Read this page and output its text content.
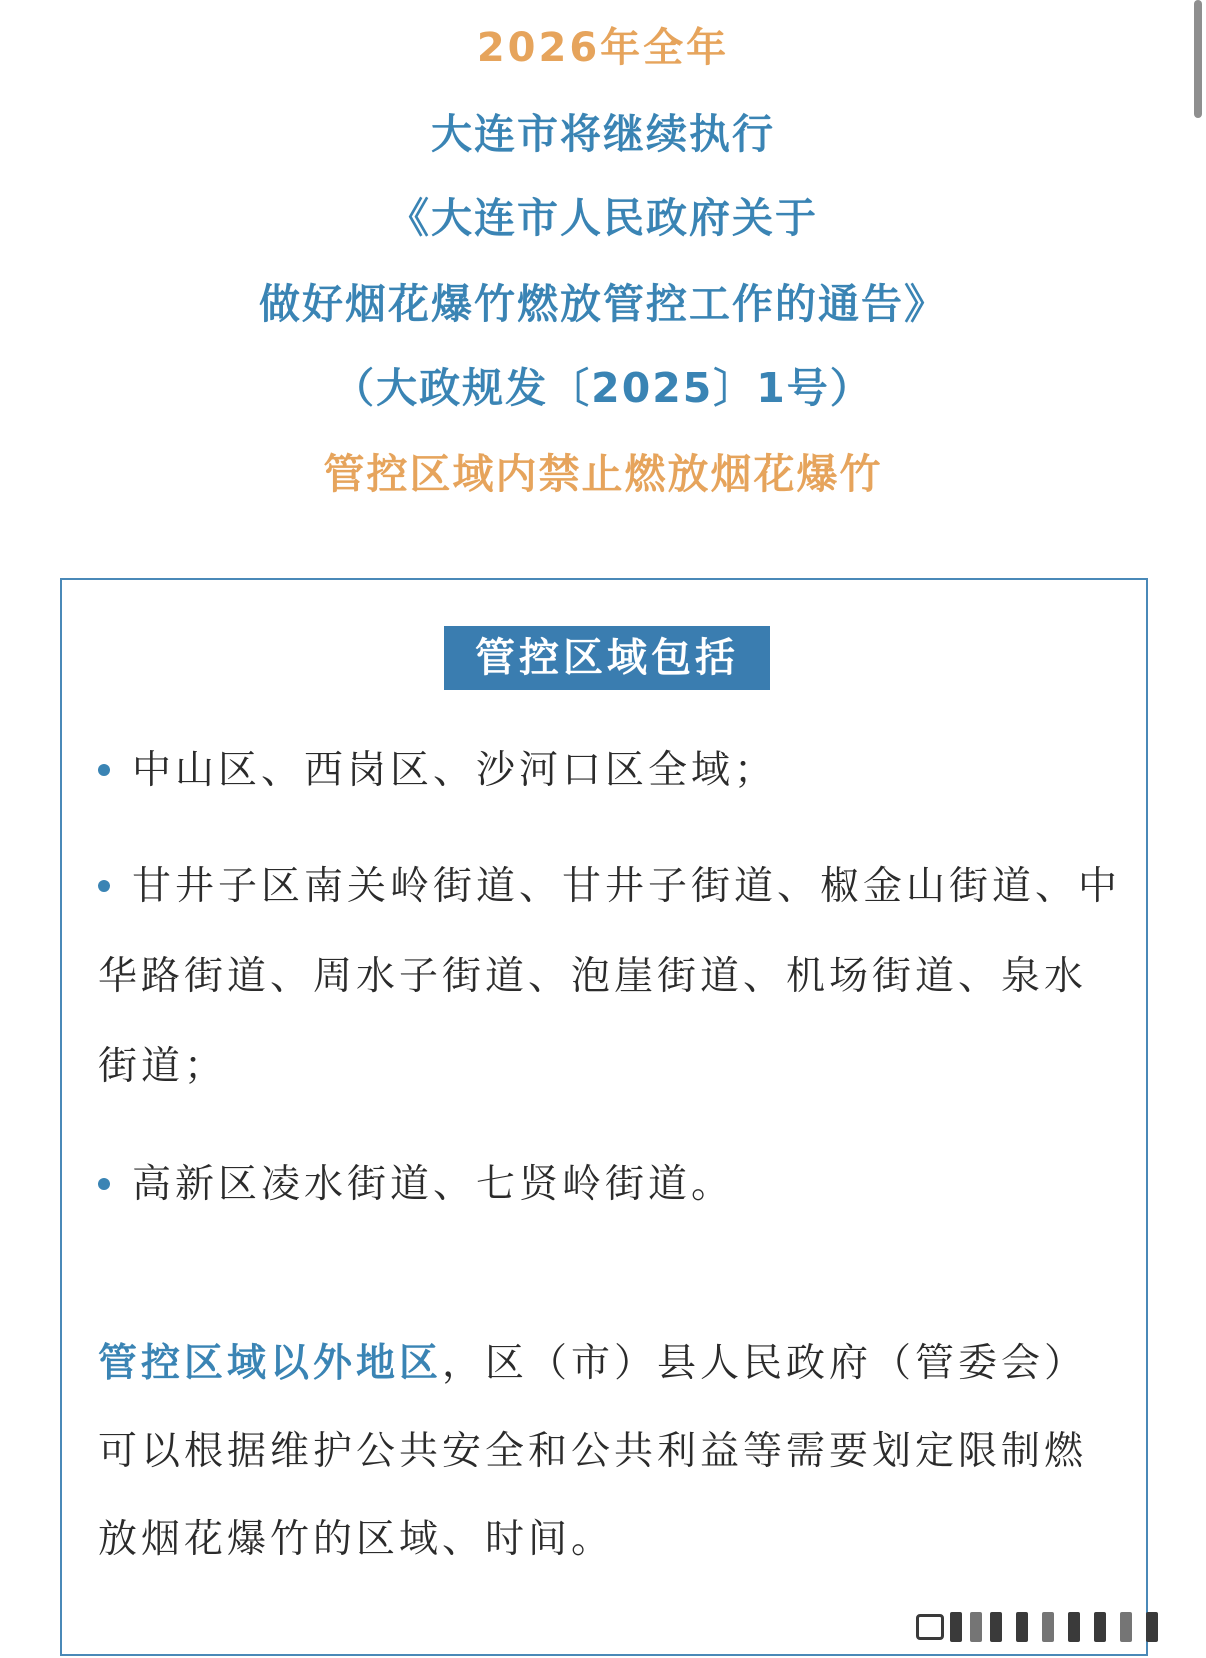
2026年全年
大连市将继续执行
《大连市人民政府关于
做好烟花爆竹燃放管控工作的通告》
（大政规发〔2025〕1号）
管控区域内禁止燃放烟花爆竹
管控区域包括
中山区、西岗区、沙河口区全域；
甘井子区南关岭街道、甘井子街道、椒金山街道、中华路街道、周水子街道、泡崖街道、机场街道、泉水街道；
高新区凌水街道、七贤岭街道。
管控区域以外地区，区（市）县人民政府（管委会）可以根据维护公共安全和公共利益等需要划定限制燃放烟花爆竹的区域、时间。
